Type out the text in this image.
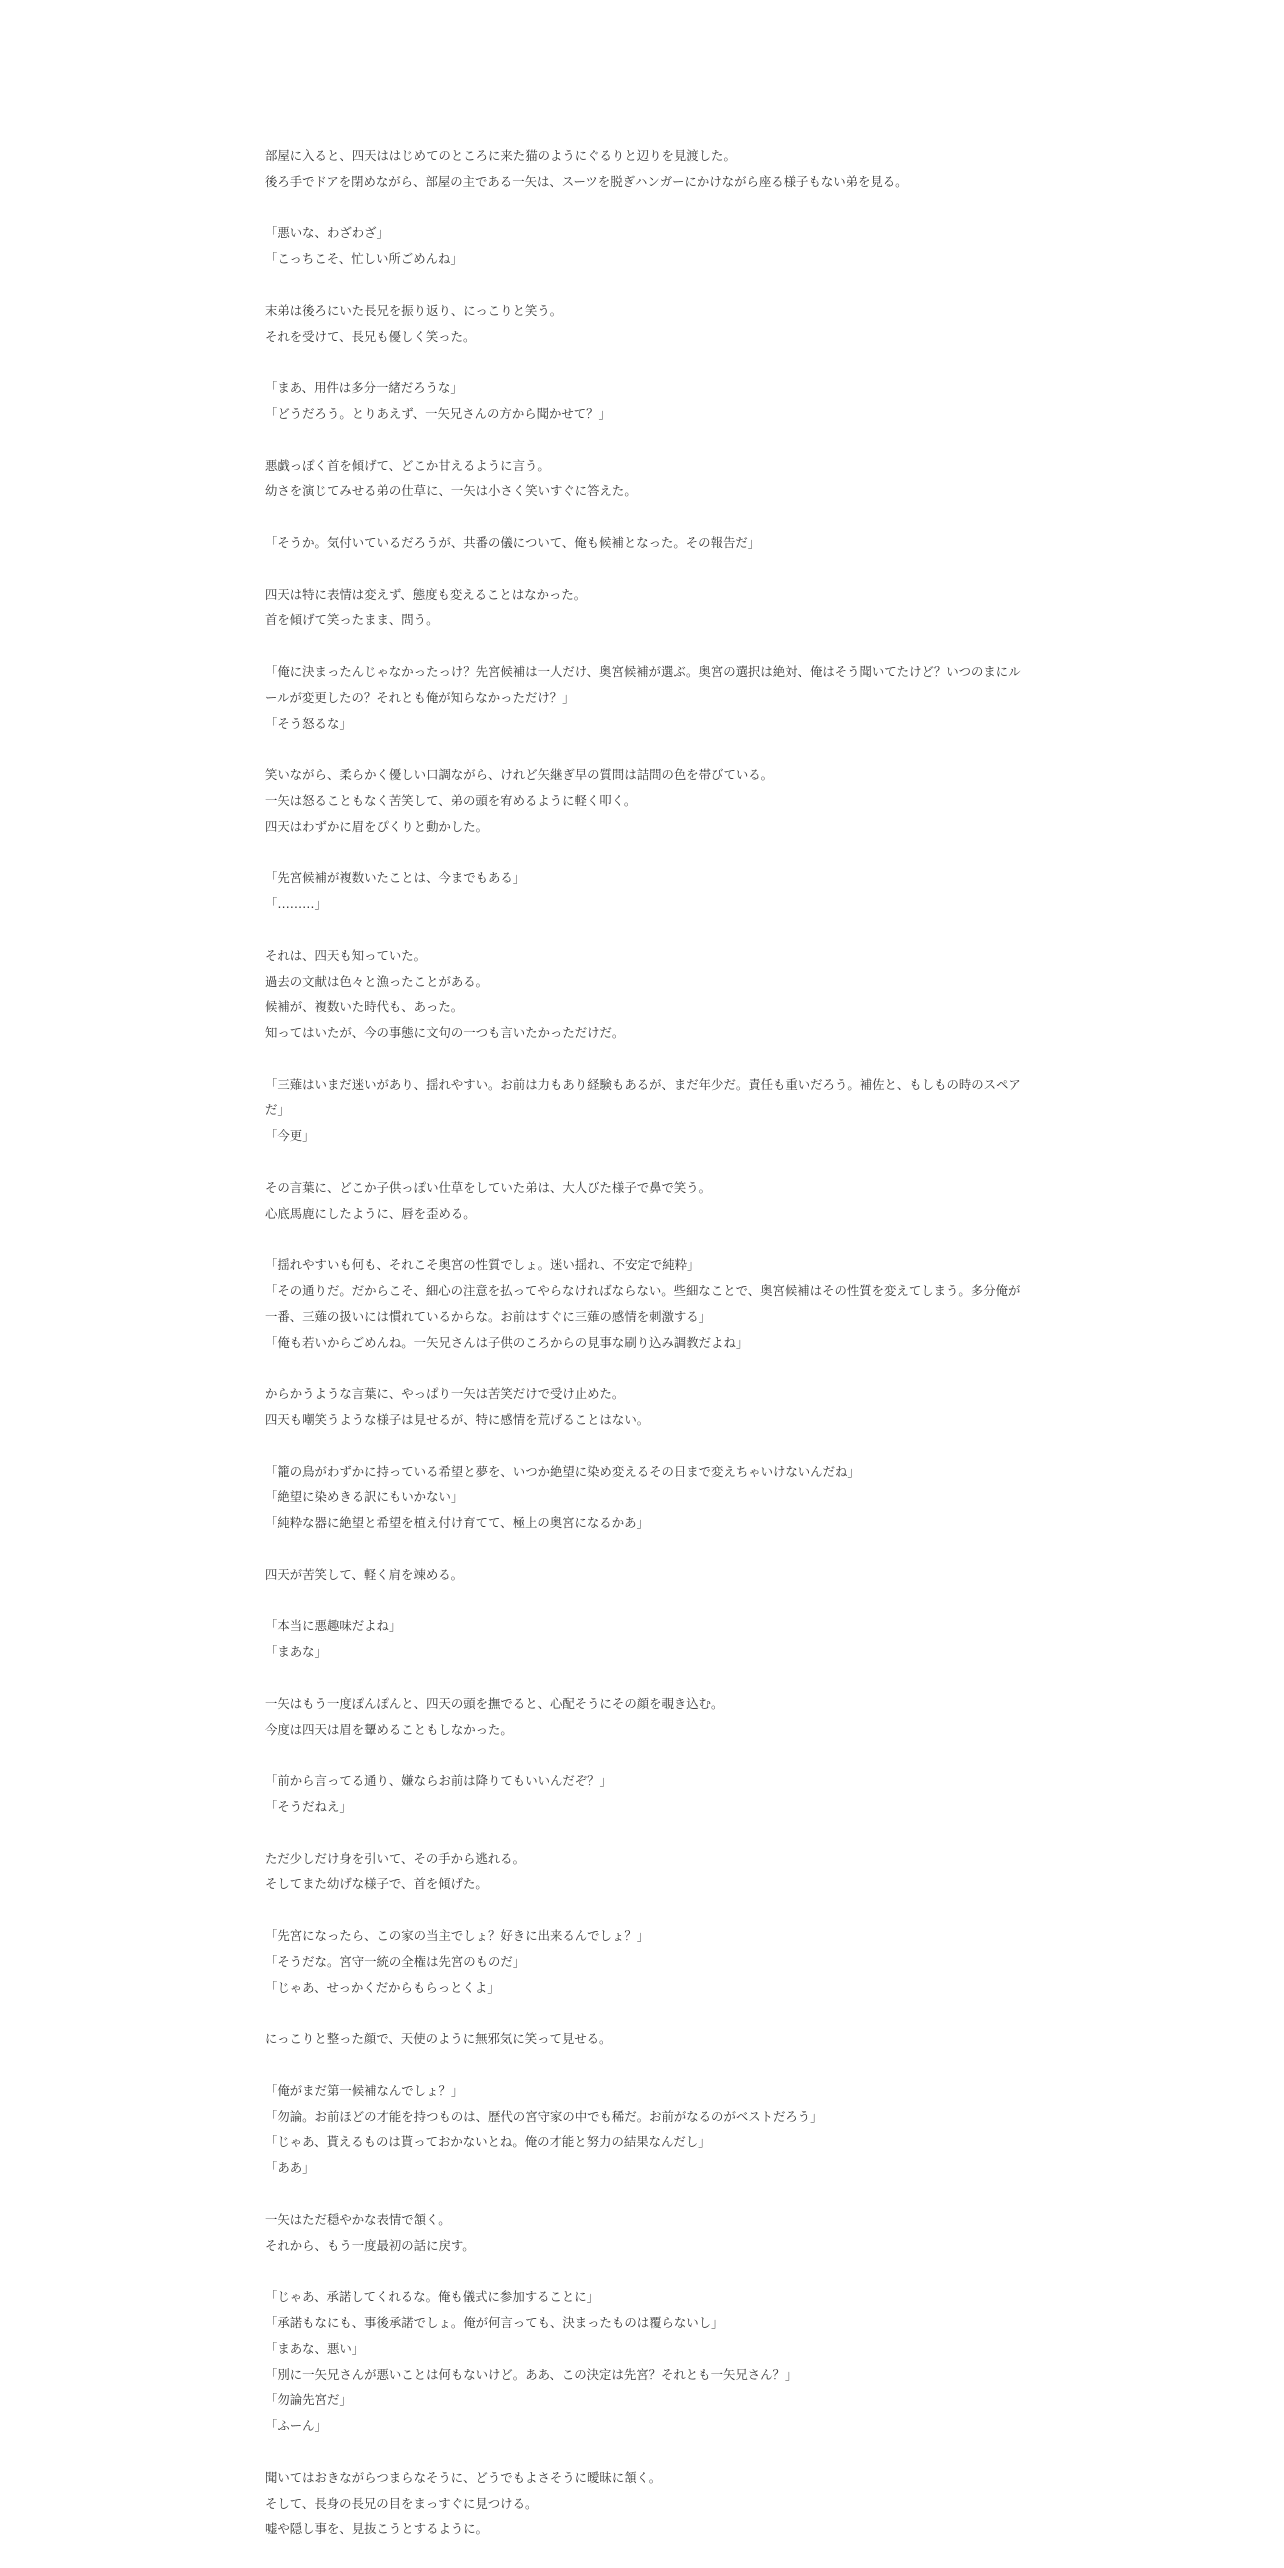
部屋に入ると、四天ははじめてのところに来た猫のようにぐるりと辺りを見渡した。
後ろ手でドアを閉めながら、部屋の主である一矢は、スーツを脱ぎハンガーにかけながら座る様子もない弟を見る。
「悪いな、わざわざ」
「こっちこそ、忙しい所ごめんね」
末弟は後ろにいた長兄を振り返り、にっこりと笑う。
それを受けて、長兄も優しく笑った。
「まあ、用件は多分一緒だろうな」
「どうだろう。とりあえず、一矢兄さんの方から聞かせて？」
悪戯っぽく首を傾げて、どこか甘えるように言う。
幼さを演じてみせる弟の仕草に、一矢は小さく笑いすぐに答えた。
「そうか。気付いているだろうが、共番の儀について、俺も候補となった。その報告だ」
四天は特に表情は変えず、態度も変えることはなかった。
首を傾げて笑ったまま、問う。
「俺に決まったんじゃなかったっけ？先宮候補は一人だけ、奥宮候補が選ぶ。奥宮の選択は絶対、俺はそう聞いてたけど？いつのまにルールが変更したの？それとも俺が知らなかっただけ？」
「そう怒るな」
笑いながら、柔らかく優しい口調ながら、けれど矢継ぎ早の質問は詰問の色を帯びている。
一矢は怒ることもなく苦笑して、弟の頭を宥めるように軽く叩く。
四天はわずかに眉をぴくりと動かした。
「先宮候補が複数いたことは、今までもある」
「………」
それは、四天も知っていた。
過去の文献は色々と漁ったことがある。
候補が、複数いた時代も、あった。
知ってはいたが、今の事態に文句の一つも言いたかっただけだ。
「三薙はいまだ迷いがあり、揺れやすい。お前は力もあり経験もあるが、まだ年少だ。責任も重いだろう。補佐と、もしもの時のスペアだ」
「今更」
その言葉に、どこか子供っぽい仕草をしていた弟は、大人びた様子で鼻で笑う。
心底馬鹿にしたように、唇を歪める。
「揺れやすいも何も、それこそ奥宮の性質でしょ。迷い揺れ、不安定で純粋」
「その通りだ。だからこそ、細心の注意を払ってやらなければならない。些細なことで、奥宮候補はその性質を変えてしまう。多分俺が一番、三薙の扱いには慣れているからな。お前はすぐに三薙の感情を刺激する」
「俺も若いからごめんね。一矢兄さんは子供のころからの見事な刷り込み調教だよね」
からかうような言葉に、やっぱり一矢は苦笑だけで受け止めた。
四天も嘲笑うような様子は見せるが、特に感情を荒げることはない。
「籠の鳥がわずかに持っている希望と夢を、いつか絶望に染め変えるその日まで変えちゃいけないんだね」
「絶望に染めきる訳にもいかない」
「純粋な器に絶望と希望を植え付け育てて、極上の奥宮になるかあ」
四天が苦笑して、軽く肩を竦める。
「本当に悪趣味だよね」
「まあな」
一矢はもう一度ぽんぽんと、四天の頭を撫でると、心配そうにその顔を覗き込む。
今度は四天は眉を顰めることもしなかった。
「前から言ってる通り、嫌ならお前は降りてもいいんだぞ？」
「そうだねえ」
ただ少しだけ身を引いて、その手から逃れる。
そしてまた幼げな様子で、首を傾げた。
「先宮になったら、この家の当主でしょ？好きに出来るんでしょ？」
「そうだな。宮守一統の全権は先宮のものだ」
「じゃあ、せっかくだからもらっとくよ」
にっこりと整った顔で、天使のように無邪気に笑って見せる。
「俺がまだ第一候補なんでしょ？」
「勿論。お前ほどの才能を持つものは、歴代の宮守家の中でも稀だ。お前がなるのがベストだろう」
「じゃあ、貰えるものは貰っておかないとね。俺の才能と努力の結果なんだし」
「ああ」
一矢はただ穏やかな表情で頷く。
それから、もう一度最初の話に戻す。
「じゃあ、承諾してくれるな。俺も儀式に参加することに」
「承諾もなにも、事後承諾でしょ。俺が何言っても、決まったものは覆らないし」
「まあな、悪い」
「別に一矢兄さんが悪いことは何もないけど。ああ、この決定は先宮？それとも一矢兄さん？」
「勿論先宮だ」
「ふーん」
聞いてはおきながらつまらなそうに、どうでもよさそうに曖昧に頷く。
そして、長身の長兄の目をまっすぐに見つける。
嘘や隠し事を、見抜こうとするように。
